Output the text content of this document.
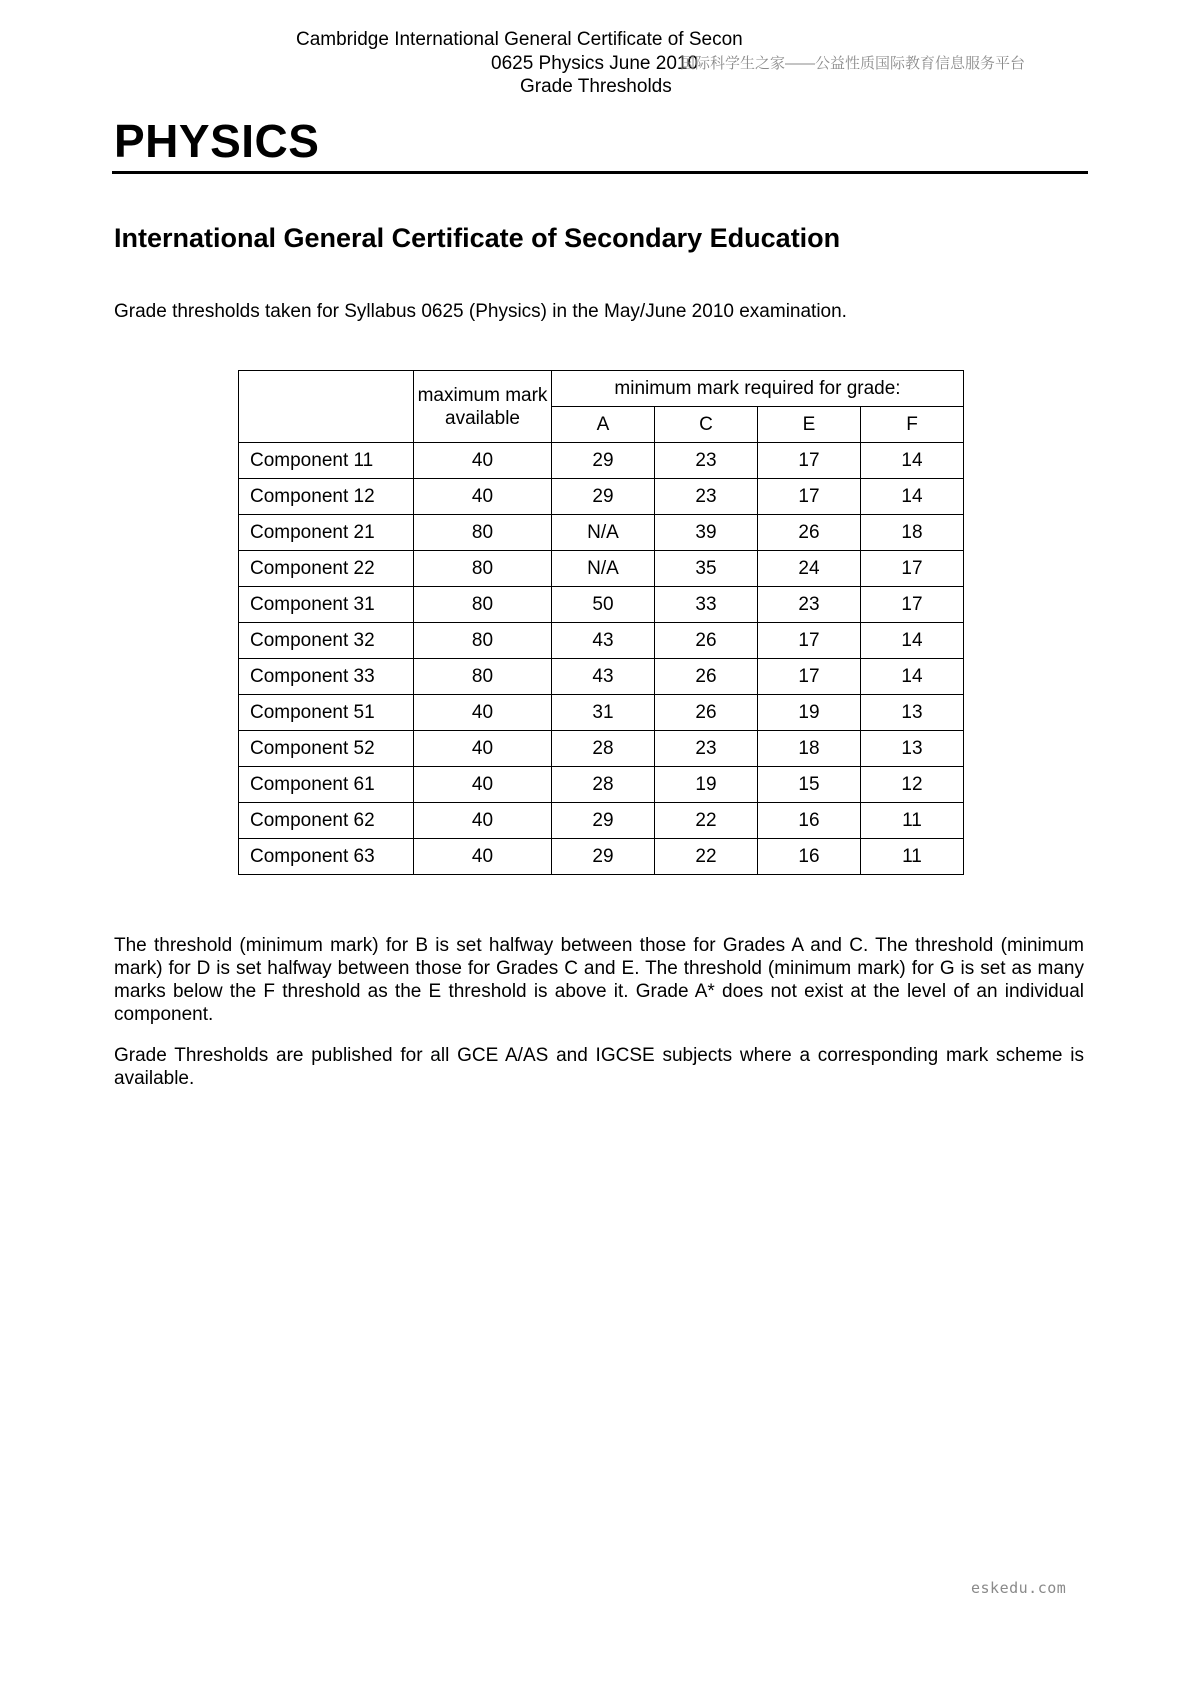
Cambridge International General Certificate of Secon
0625 Physics June 2010
Grade Thresholds
国际科学生之家——公益性质国际教育信息服务平台
PHYSICS
International General Certificate of Secondary Education
Grade thresholds taken for Syllabus 0625 (Physics) in the May/June 2010 examination.
	maximum mark available	minimum mark required for grade:			
		A	C	E	F
Component 11	40	29	23	17	14
Component 12	40	29	23	17	14
Component 21	80	N/A	39	26	18
Component 22	80	N/A	35	24	17
Component 31	80	50	33	23	17
Component 32	80	43	26	17	14
Component 33	80	43	26	17	14
Component 51	40	31	26	19	13
Component 52	40	28	23	18	13
Component 61	40	28	19	15	12
Component 62	40	29	22	16	11
Component 63	40	29	22	16	11

The threshold (minimum mark) for B is set halfway between those for Grades A and C. The threshold (minimum mark) for D is set halfway between those for Grades C and E. The threshold (minimum mark) for G is set as many marks below the F threshold as the E threshold is above it. Grade A* does not exist at the level of an individual component.

Grade Thresholds are published for all GCE A/AS and IGCSE subjects where a corresponding mark scheme is available.

eskedu.com
